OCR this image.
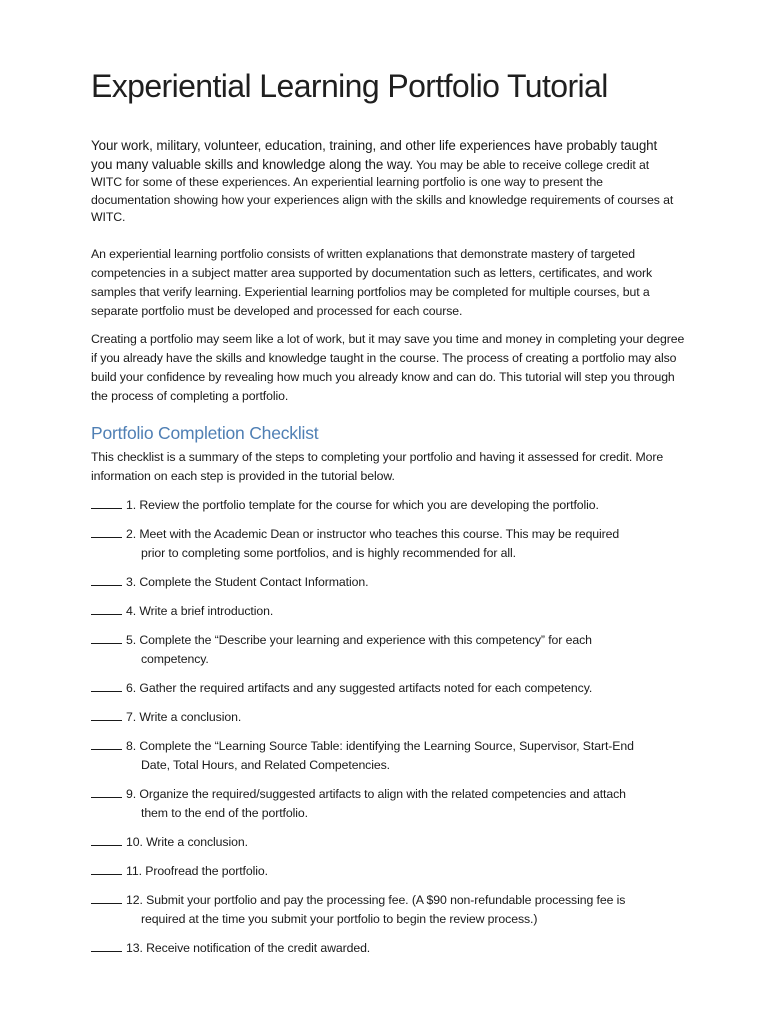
Experiential Learning Portfolio Tutorial

Your work, military, volunteer, education, training, and other life experiences have probably taught you many valuable skills and knowledge along the way. You may be able to receive college credit at WITC for some of these experiences. An experiential learning portfolio is one way to present the documentation showing how your experiences align with the skills and knowledge requirements of courses at WITC.

An experiential learning portfolio consists of written explanations that demonstrate mastery of targeted competencies in a subject matter area supported by documentation such as letters, certificates, and work samples that verify learning. Experiential learning portfolios may be completed for multiple courses, but a separate portfolio must be developed and processed for each course.

Creating a portfolio may seem like a lot of work, but it may save you time and money in completing your degree if you already have the skills and knowledge taught in the course. The process of creating a portfolio may also build your confidence by revealing how much you already know and can do. This tutorial will step you through the process of completing a portfolio.

Portfolio Completion Checklist

This checklist is a summary of the steps to completing your portfolio and having it assessed for credit. More information on each step is provided in the tutorial below.

1. Review the portfolio template for the course for which you are developing the portfolio.
2. Meet with the Academic Dean or instructor who teaches this course. This may be required
prior to completing some portfolios, and is highly recommended for all.
3. Complete the Student Contact Information.
4. Write a brief introduction.
5. Complete the “Describe your learning and experience with this competency” for each
competency.
6. Gather the required artifacts and any suggested artifacts noted for each competency.
7. Write a conclusion.
8. Complete the “Learning Source Table: identifying the Learning Source, Supervisor, Start-End
Date, Total Hours, and Related Competencies.
9. Organize the required/suggested artifacts to align with the related competencies and attach
them to the end of the portfolio.
10. Write a conclusion.
11. Proofread the portfolio.
12. Submit your portfolio and pay the processing fee. (A $90 non-refundable processing fee is
required at the time you submit your portfolio to begin the review process.)
13. Receive notification of the credit awarded.
